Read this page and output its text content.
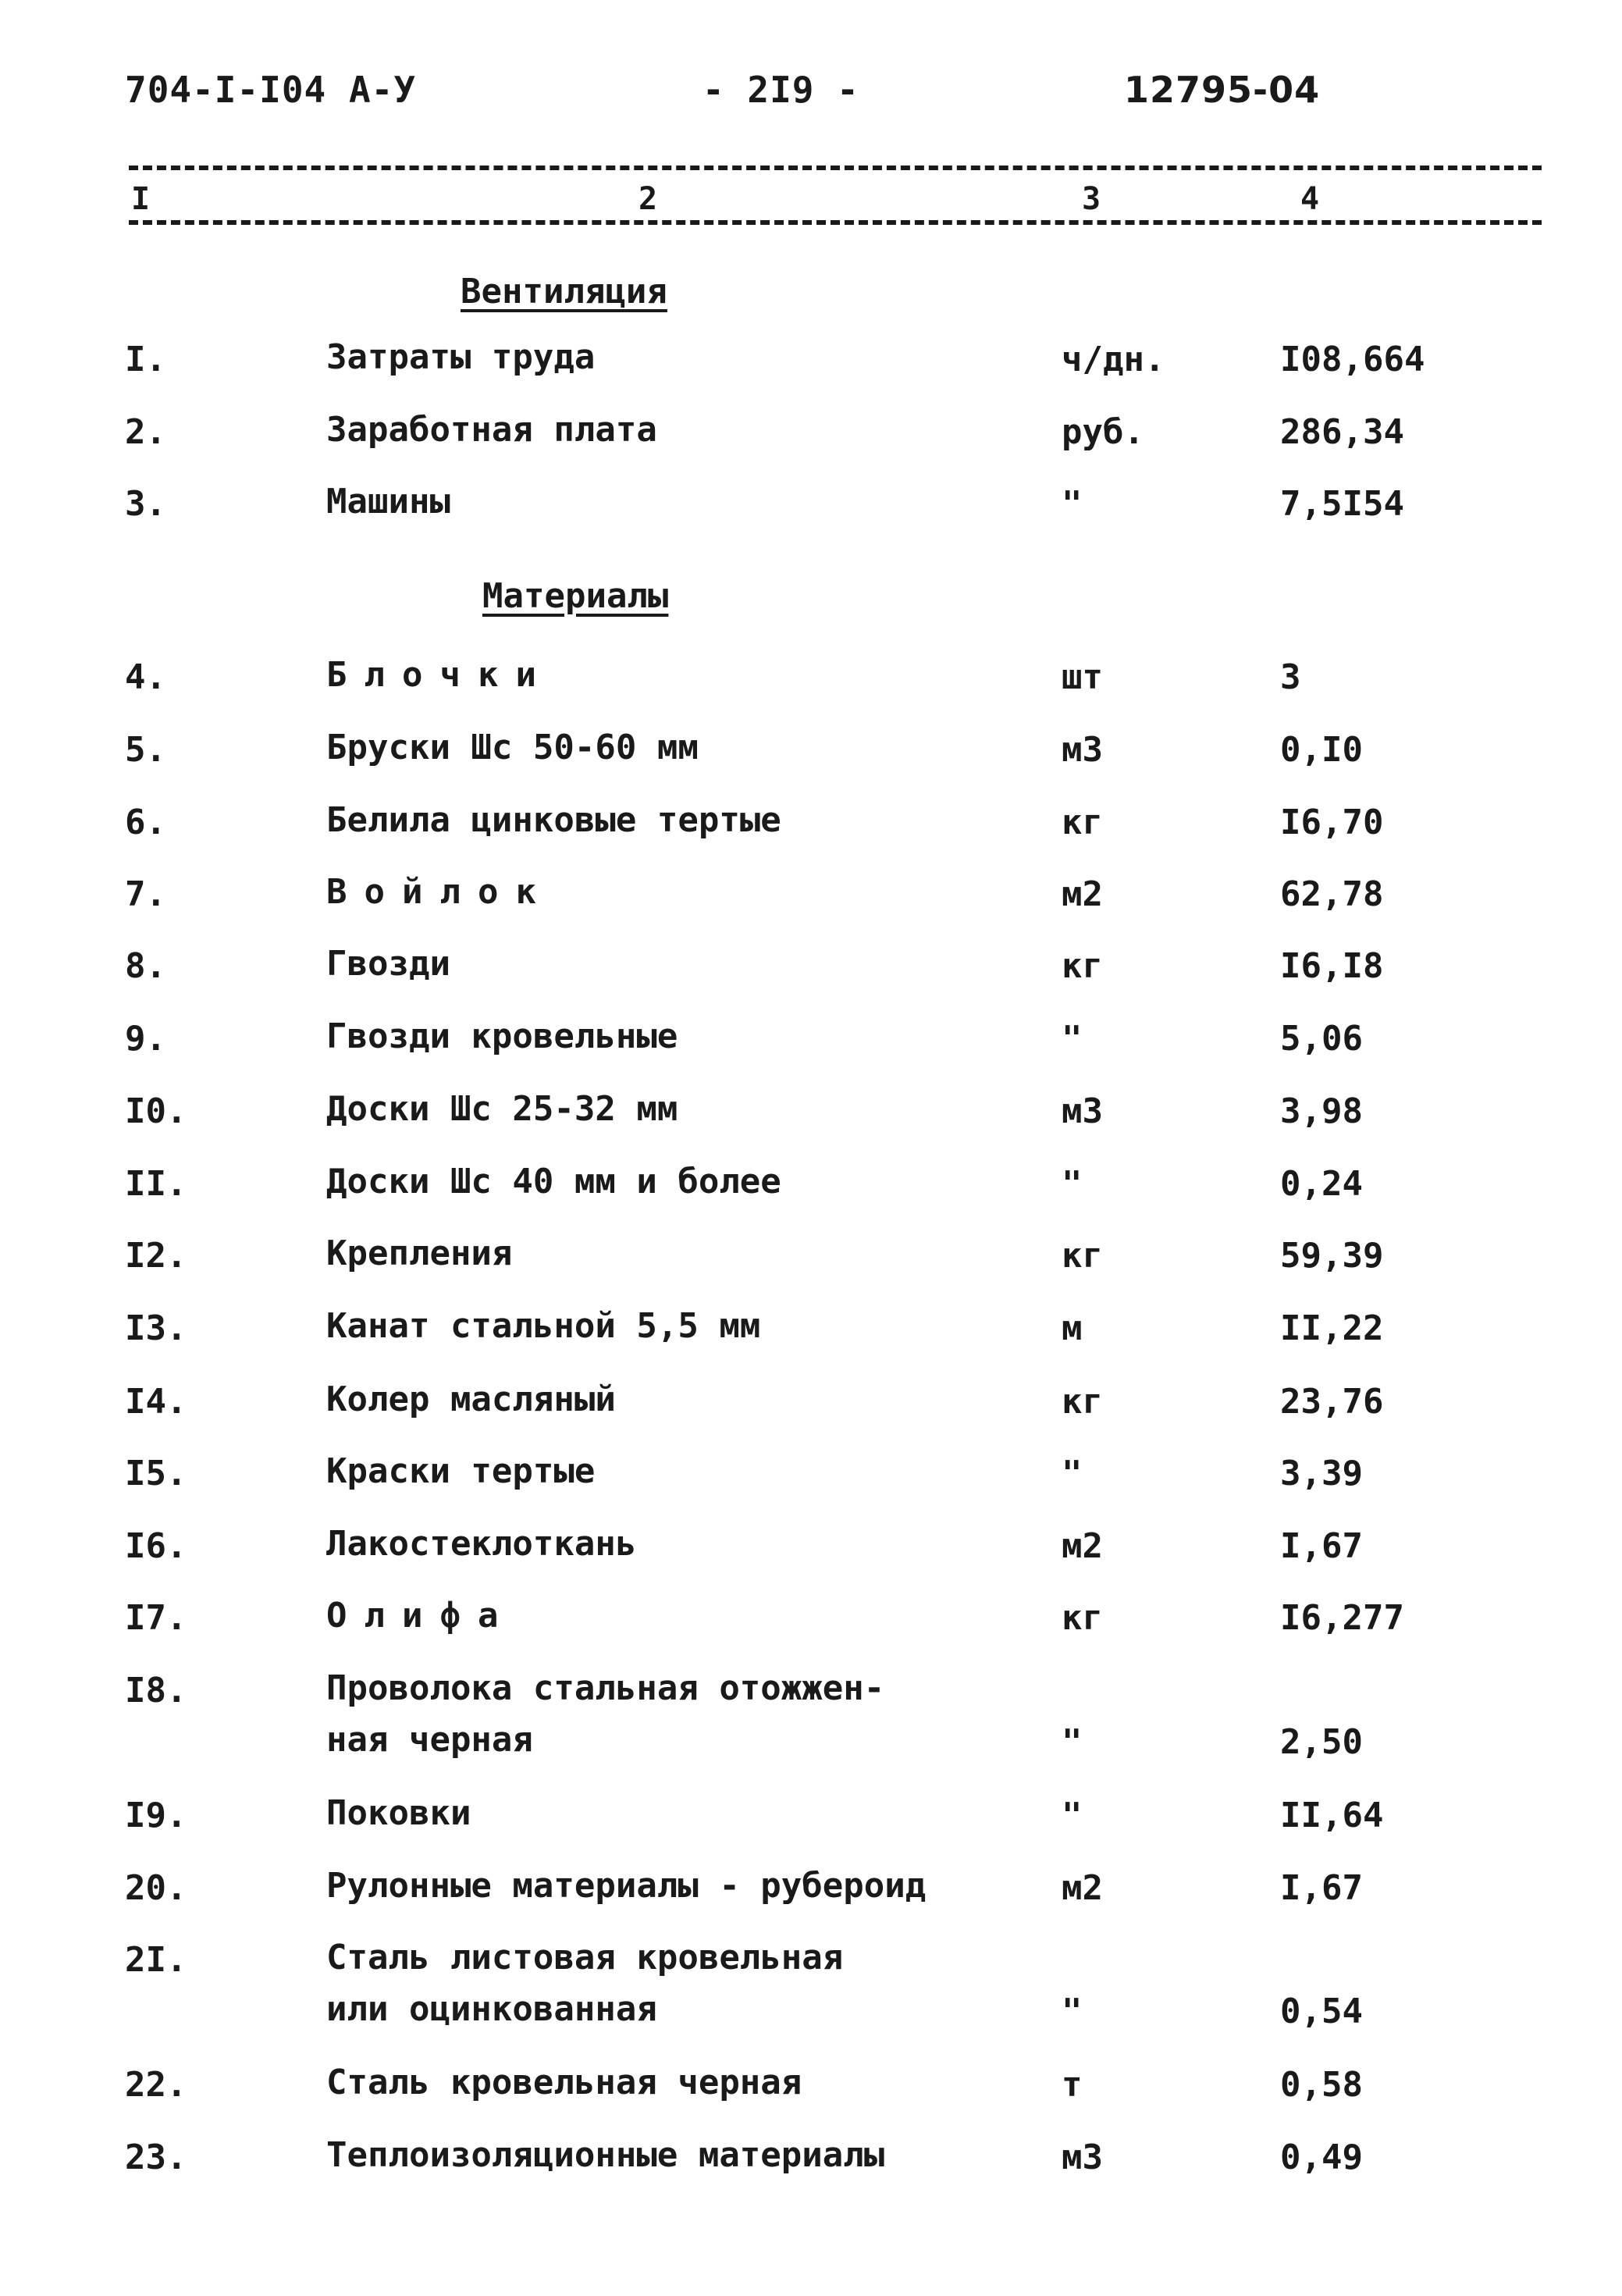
704-I-I04 А-У	- 2I9 -	12795-04
I	2	3	4
Вентиляция
Материалы
I.	Затраты труда	ч/дн.	I08,664
2.	Заработная плата	руб.	286,34
3.	Машины	"	7,5I54
4.	Блочки	шт	3
5.	Бруски Шс 50-60 мм	м3	0,I0
6.	Белила цинковые тертые	кг	I6,70
7.	Войлок	м2	62,78
8.	Гвозди	кг	I6,I8
9.	Гвозди кровельные	"	5,06
I0.	Доски Шс 25-32 мм	м3	3,98
II.	Доски Шс 40 мм и более	"	0,24
I2.	Крепления	кг	59,39
I3.	Канат стальной 5,5 мм	м	II,22
I4.	Колер масляный	кг	23,76
I5.	Краски тертые	"	3,39
I6.	Лакостеклоткань	м2	I,67
I7.	Олифа	кг	I6,277
I8.	Проволока стальная отожжен-
ная черная	"	2,50
I9.	Поковки	"	II,64
20.	Рулонные материалы - рубероид	м2	I,67
2I.	Сталь листовая кровельная
или оцинкованная	"	0,54
22.	Сталь кровельная черная	т	0,58
23.	Теплоизоляционные материалы	м3	0,49
